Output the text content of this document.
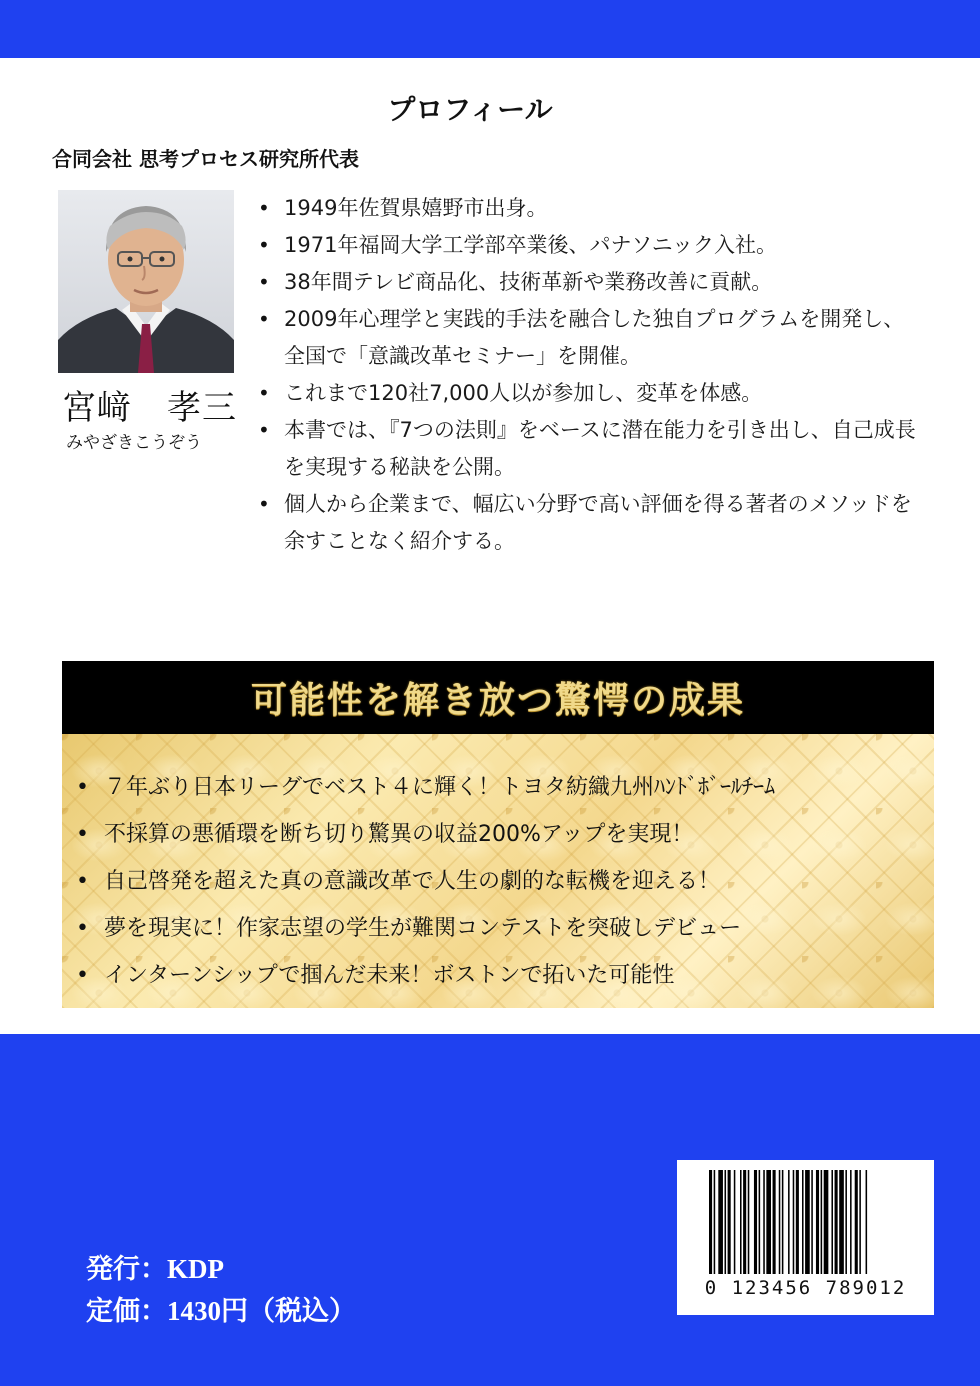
プロフィール
合同会社 思考プロセス研究所代表
宮﨑　孝三
みやざきこうぞう
• 1949年佐賀県嬉野市出身。
• 1971年福岡大学工学部卒業後、パナソニック入社。
• 38年間テレビ商品化、技術革新や業務改善に貢献。
• 2009年心理学と実践的手法を融合した独自プログラムを開発し、全国で「意識改革セミナー」を開催。
• これまで120社7,000人以が参加し、変革を体感。
• 本書では、『7つの法則』をベースに潜在能力を引き出し、自己成長を実現する秘訣を公開。
• 個人から企業まで、幅広い分野で高い評価を得る著者のメソッドを余すことなく紹介する。
可能性を解き放つ驚愕の成果
• ７年ぶり日本リーグでベスト４に輝く！トヨタ紡織九州ﾊﾝﾄﾞﾎﾞｰﾙﾁｰﾑ
• 不採算の悪循環を断ち切り驚異の収益200%アップを実現！
• 自己啓発を超えた真の意識改革で人生の劇的な転機を迎える！
• 夢を現実に！作家志望の学生が難関コンテストを突破しデビュー
• インターンシップで掴んだ未来！ボストンで拓いた可能性
発行：KDP
定価：1430円（税込）
0 123456 789012
